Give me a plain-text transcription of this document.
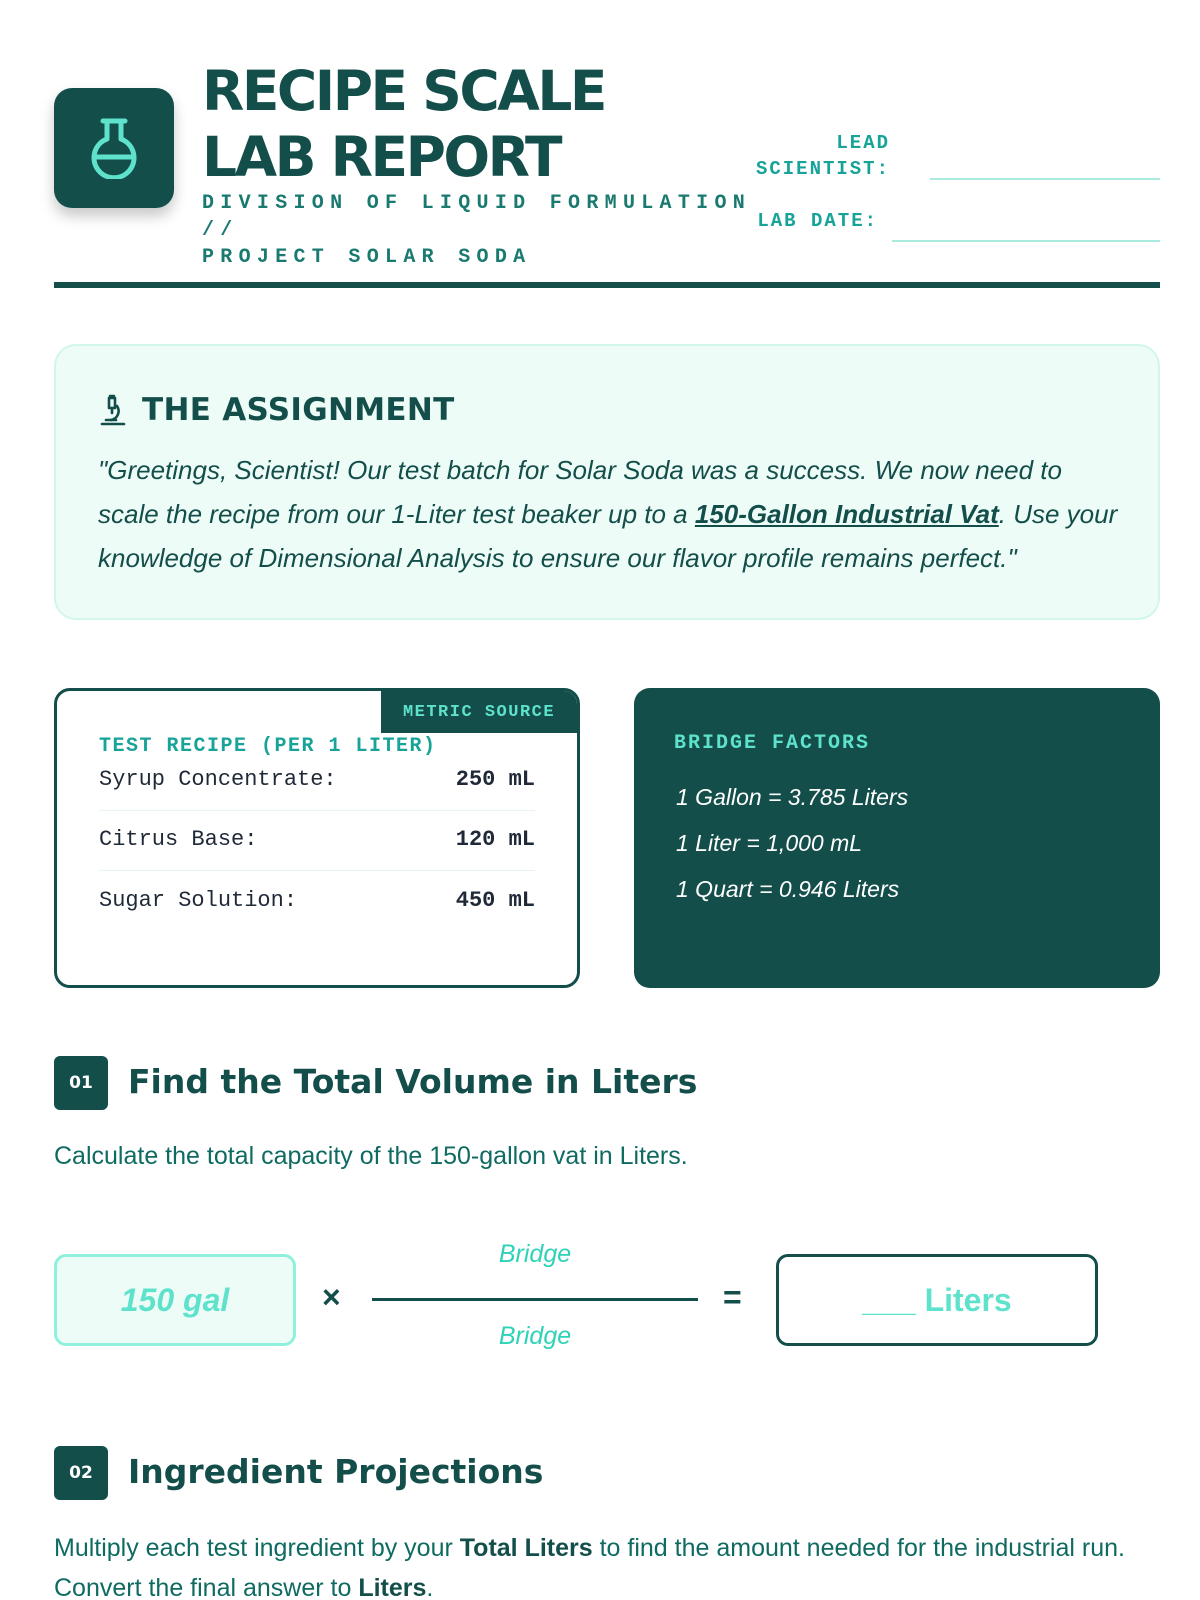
RECIPE SCALE
LAB REPORT
DIVISION OF LIQUID FORMULATION //
PROJECT SOLAR SODA
LEAD
SCIENTIST:
LAB DATE:
THE ASSIGNMENT
"Greetings, Scientist! Our test batch for Solar Soda was a success. We now need to scale the recipe from our 1-Liter test beaker up to a 150-Gallon Industrial Vat. Use your knowledge of Dimensional Analysis to ensure our flavor profile remains perfect."
METRIC SOURCE
TEST RECIPE (PER 1 LITER)
Syrup Concentrate:	250 mL
Citrus Base:	120 mL
Sugar Solution:	450 mL
BRIDGE FACTORS
1 Gallon = 3.785 Liters
1 Liter = 1,000 mL
1 Quart = 0.946 Liters
01	Find the Total Volume in Liters
Calculate the total capacity of the 150-gallon vat in Liters.
150 gal	×
Bridge
Bridge
=	___ Liters
02	Ingredient Projections
Multiply each test ingredient by your Total Liters to find the amount needed for the industrial run. Convert the final answer to Liters.
